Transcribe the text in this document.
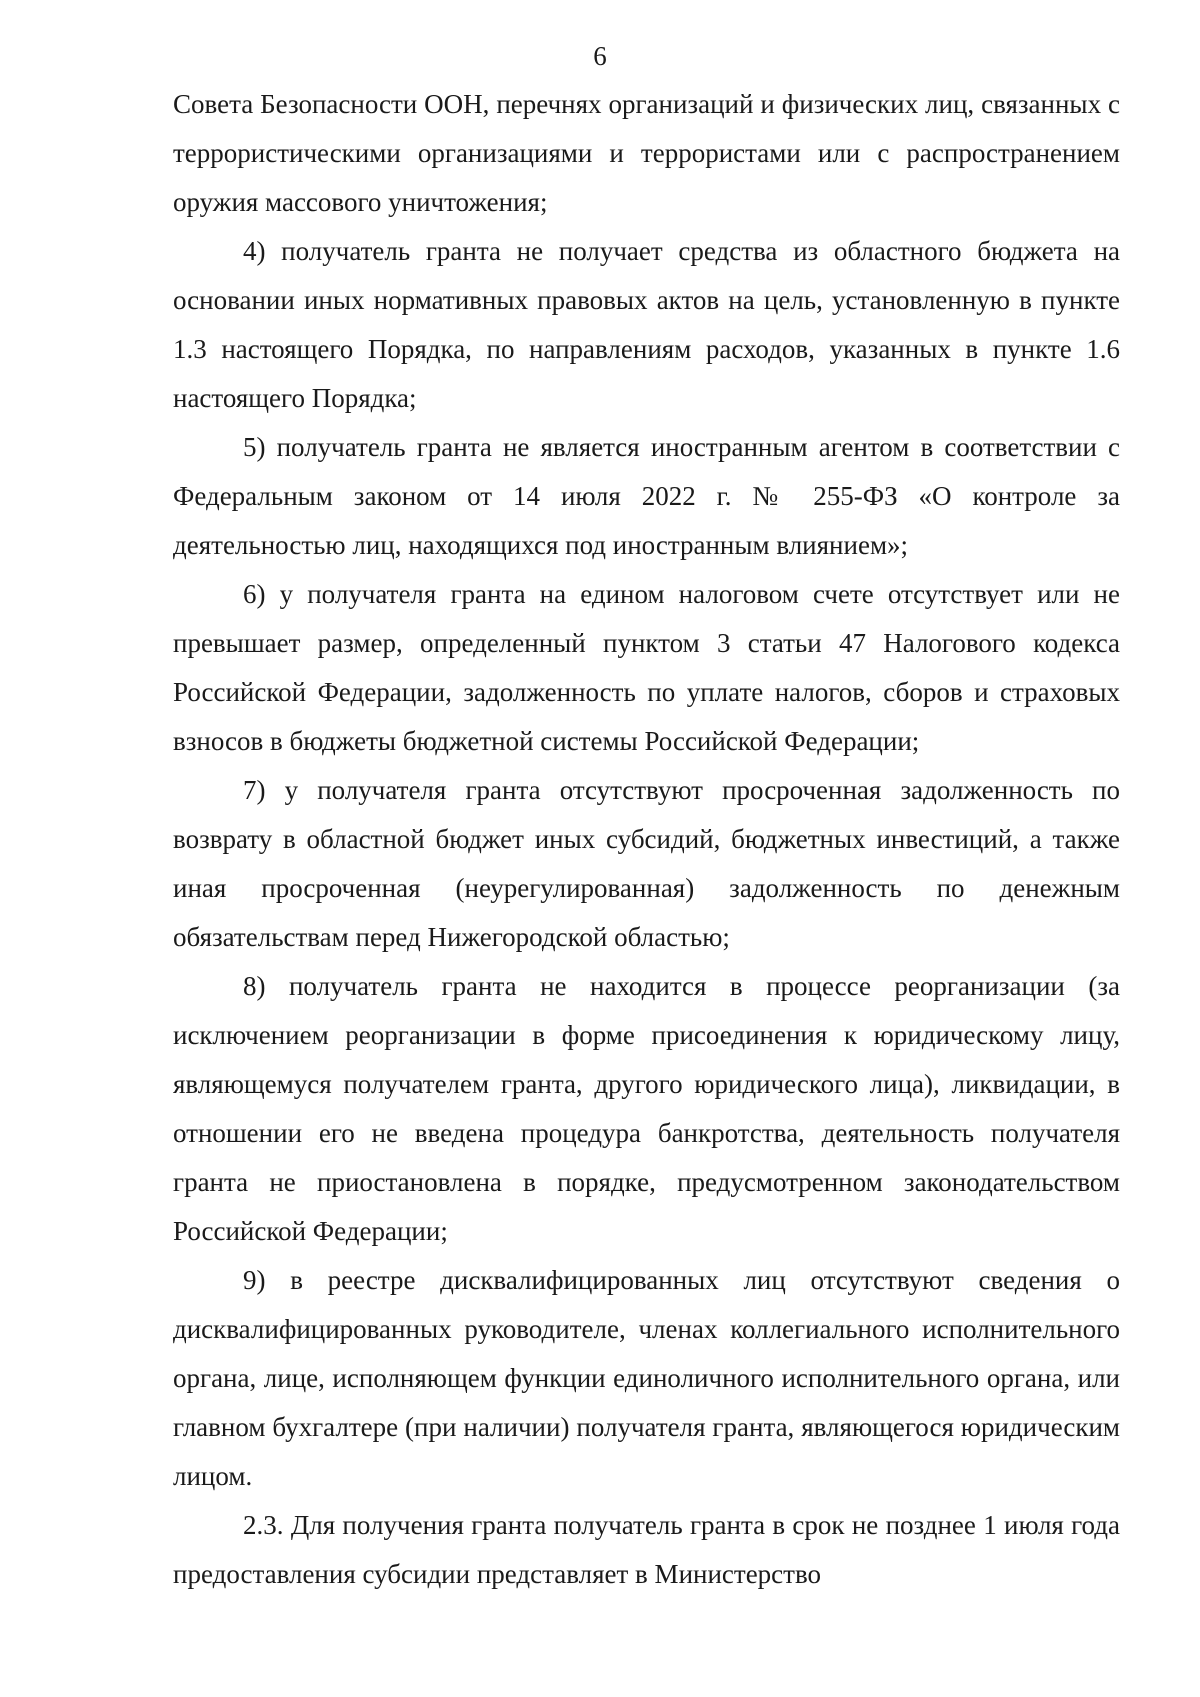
6

Совета Безопасности ООН, перечнях организаций и физических лиц, связанных с террористическими организациями и террористами или с распространением оружия массового уничтожения;

4) получатель гранта не получает средства из областного бюджета на основании иных нормативных правовых актов на цель, установленную в пункте 1.3 настоящего Порядка, по направлениям расходов, указанных в пункте 1.6 настоящего Порядка;

5) получатель гранта не является иностранным агентом в соответствии с Федеральным законом от 14 июля 2022 г. № 255-ФЗ «О контроле за деятельностью лиц, находящихся под иностранным влиянием»;

6) у получателя гранта на едином налоговом счете отсутствует или не превышает размер, определенный пунктом 3 статьи 47 Налогового кодекса Российской Федерации, задолженность по уплате налогов, сборов и страховых взносов в бюджеты бюджетной системы Российской Федерации;

7) у получателя гранта отсутствуют просроченная задолженность по возврату в областной бюджет иных субсидий, бюджетных инвестиций, а также иная просроченная (неурегулированная) задолженность по денежным обязательствам перед Нижегородской областью;

8) получатель гранта не находится в процессе реорганизации (за исключением реорганизации в форме присоединения к юридическому лицу, являющемуся получателем гранта, другого юридического лица), ликвидации, в отношении его не введена процедура банкротства, деятельность получателя гранта не приостановлена в порядке, предусмотренном законодательством Российской Федерации;

9) в реестре дисквалифицированных лиц отсутствуют сведения о дисквалифицированных руководителе, членах коллегиального исполнительного органа, лице, исполняющем функции единоличного исполнительного органа, или главном бухгалтере (при наличии) получателя гранта, являющегося юридическим лицом.

2.3. Для получения гранта получатель гранта в срок не позднее 1 июля года предоставления субсидии представляет в Министерство
